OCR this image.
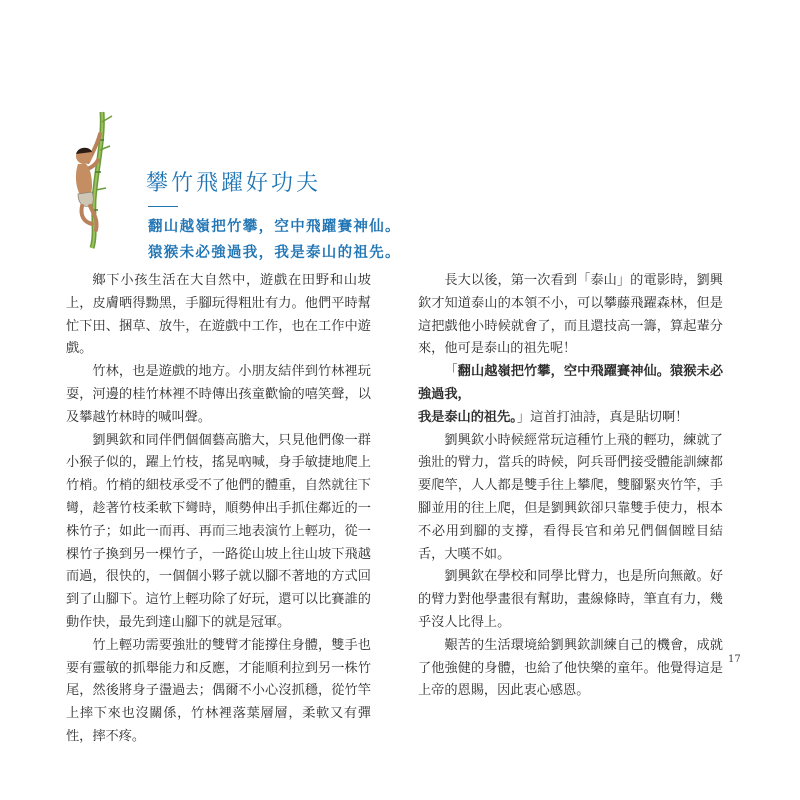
攀竹飛躍好功夫
翻山越嶺把竹攀，空中飛躍賽神仙。
猿猴未必強過我，我是泰山的祖先。

鄉下小孩生活在大自然中，遊戲在田野和山坡上，皮膚晒得黝黑，手腳玩得粗壯有力。他們平時幫忙下田、捆草、放牛，在遊戲中工作，也在工作中遊戲。

竹林，也是遊戲的地方。小朋友結伴到竹林裡玩耍，河邊的桂竹林裡不時傳出孩童歡愉的嘻笑聲，以及攀越竹林時的喊叫聲。

劉興欽和同伴們個個藝高膽大，只見他們像一群小猴子似的，躍上竹枝，搖晃吶喊，身手敏捷地爬上竹梢。竹梢的細枝承受不了他們的體重，自然就往下彎，趁著竹枝柔軟下彎時，順勢伸出手抓住鄰近的一株竹子；如此一而再、再而三地表演竹上輕功，從一棵竹子換到另一棵竹子，一路從山坡上往山坡下飛越而過，很快的，一個個小夥子就以腳不著地的方式回到了山腳下。這竹上輕功除了好玩，還可以比賽誰的動作快，最先到達山腳下的就是冠軍。

竹上輕功需要強壯的雙臂才能撐住身體，雙手也要有靈敏的抓舉能力和反應，才能順利拉到另一株竹尾，然後將身子盪過去；偶爾不小心沒抓穩，從竹竿上摔下來也沒關係，竹林裡落葉層層，柔軟又有彈性，摔不疼。

長大以後，第一次看到「泰山」的電影時，劉興欽才知道泰山的本領不小，可以攀藤飛躍森林，但是這把戲他小時候就會了，而且還技高一籌，算起輩分來，他可是泰山的祖先呢！

「翻山越嶺把竹攀，空中飛躍賽神仙。猿猴未必強過我，
我是泰山的祖先。」這首打油詩，真是貼切啊！

劉興欽小時候經常玩這種竹上飛的輕功，練就了強壯的臂力，當兵的時候，阿兵哥們接受體能訓練都要爬竿，人人都是雙手往上攀爬，雙腳緊夾竹竿，手腳並用的往上爬，但是劉興欽卻只靠雙手使力，根本不必用到腳的支撐，看得長官和弟兄們個個瞠目結舌，大嘆不如。

劉興欽在學校和同學比臂力，也是所向無敵。好的臂力對他學畫很有幫助，畫線條時，筆直有力，幾乎沒人比得上。

艱苦的生活環境給劉興欽訓練自己的機會，成就了他強健的身體，也給了他快樂的童年。他覺得這是上帝的恩賜，因此衷心感恩。

17
